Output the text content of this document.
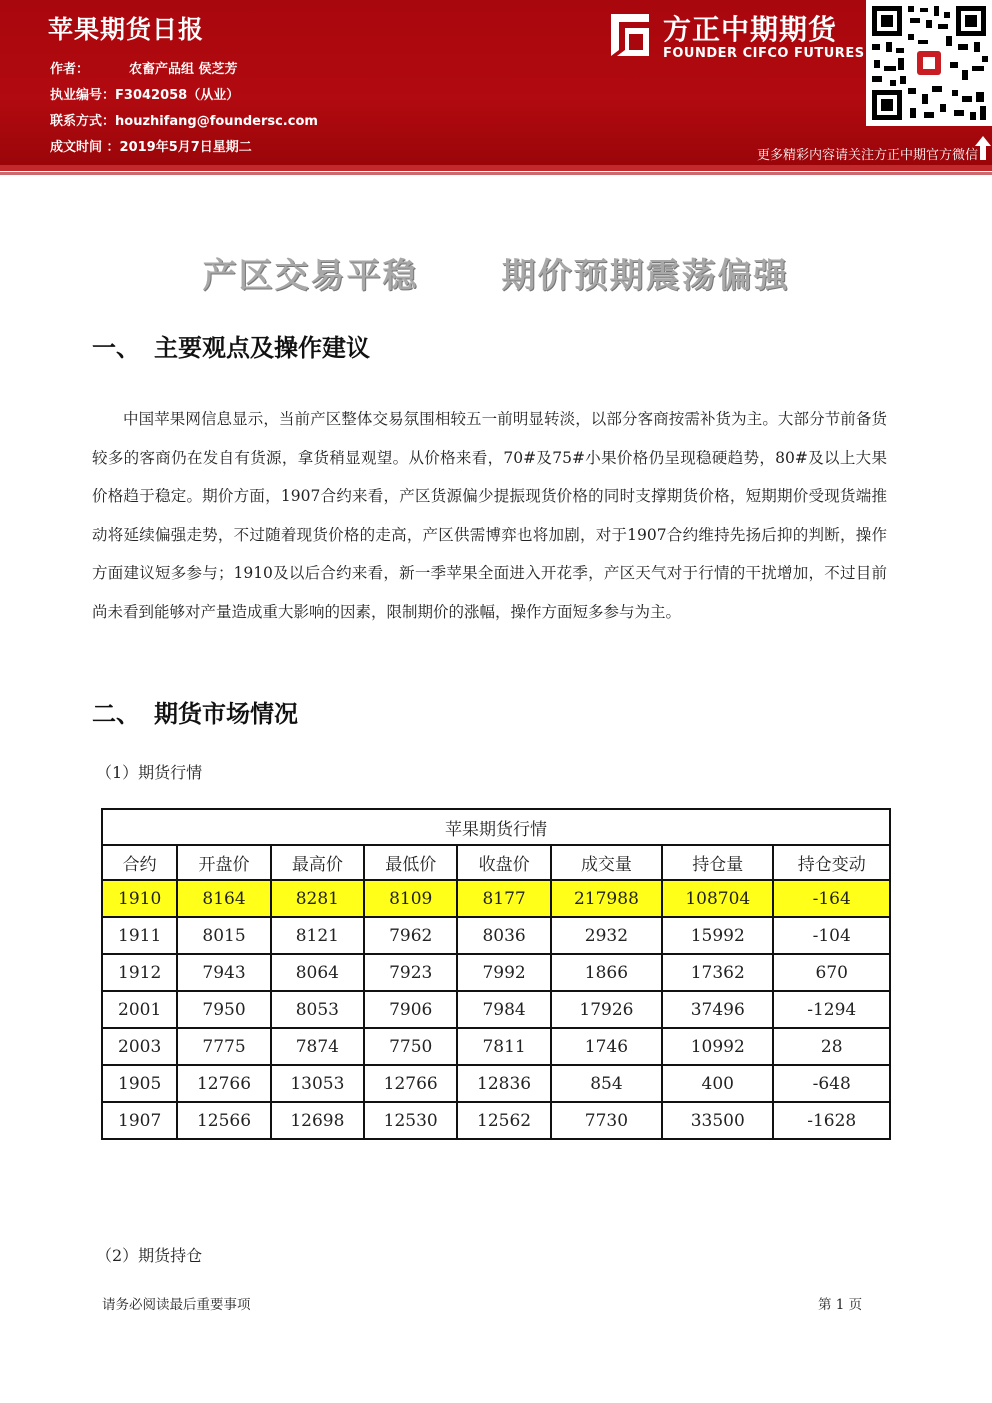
苹果期货日报
作者：	农畜产品组 侯芝芳
执业编号：F3042058（从业）
联系方式：houzhifang@foundersc.com
成文时间 ：2019年5月7日星期二
方正中期期货
FOUNDER CIFCO FUTURES
更多精彩内容请关注方正中期官方微信
产区交易平稳      期价预期震荡偏强
一、 主要观点及操作建议
中国苹果网信息显示，当前产区整体交易氛围相较五一前明显转淡，以部分客商按需补货为主。大部分节前备货较多的客商仍在发自有货源，拿货稍显观望。从价格来看，70#及75#小果价格仍呈现稳硬趋势，80#及以上大果价格趋于稳定。期价方面，1907合约来看，产区货源偏少提振现货价格的同时支撑期货价格，短期期价受现货端推动将延续偏强走势，不过随着现货价格的走高，产区供需博弈也将加剧，对于1907合约维持先扬后抑的判断，操作方面建议短多参与；1910及以后合约来看，新一季苹果全面进入开花季，产区天气对于行情的干扰增加，不过目前尚未看到能够对产量造成重大影响的因素，限制期价的涨幅，操作方面短多参与为主。
二、 期货市场情况
（1）期货行情
苹果期货行情							
合约	开盘价	最高价	最低价	收盘价	成交量	持仓量	持仓变动
1910	8164	8281	8109	8177	217988	108704	-164
1911	8015	8121	7962	8036	2932	15992	-104
1912	7943	8064	7923	7992	1866	17362	670
2001	7950	8053	7906	7984	17926	37496	-1294
2003	7775	7874	7750	7811	1746	10992	28
1905	12766	13053	12766	12836	854	400	-648
1907	12566	12698	12530	12562	7730	33500	-1628
（2）期货持仓
请务必阅读最后重要事项	第 1 页
